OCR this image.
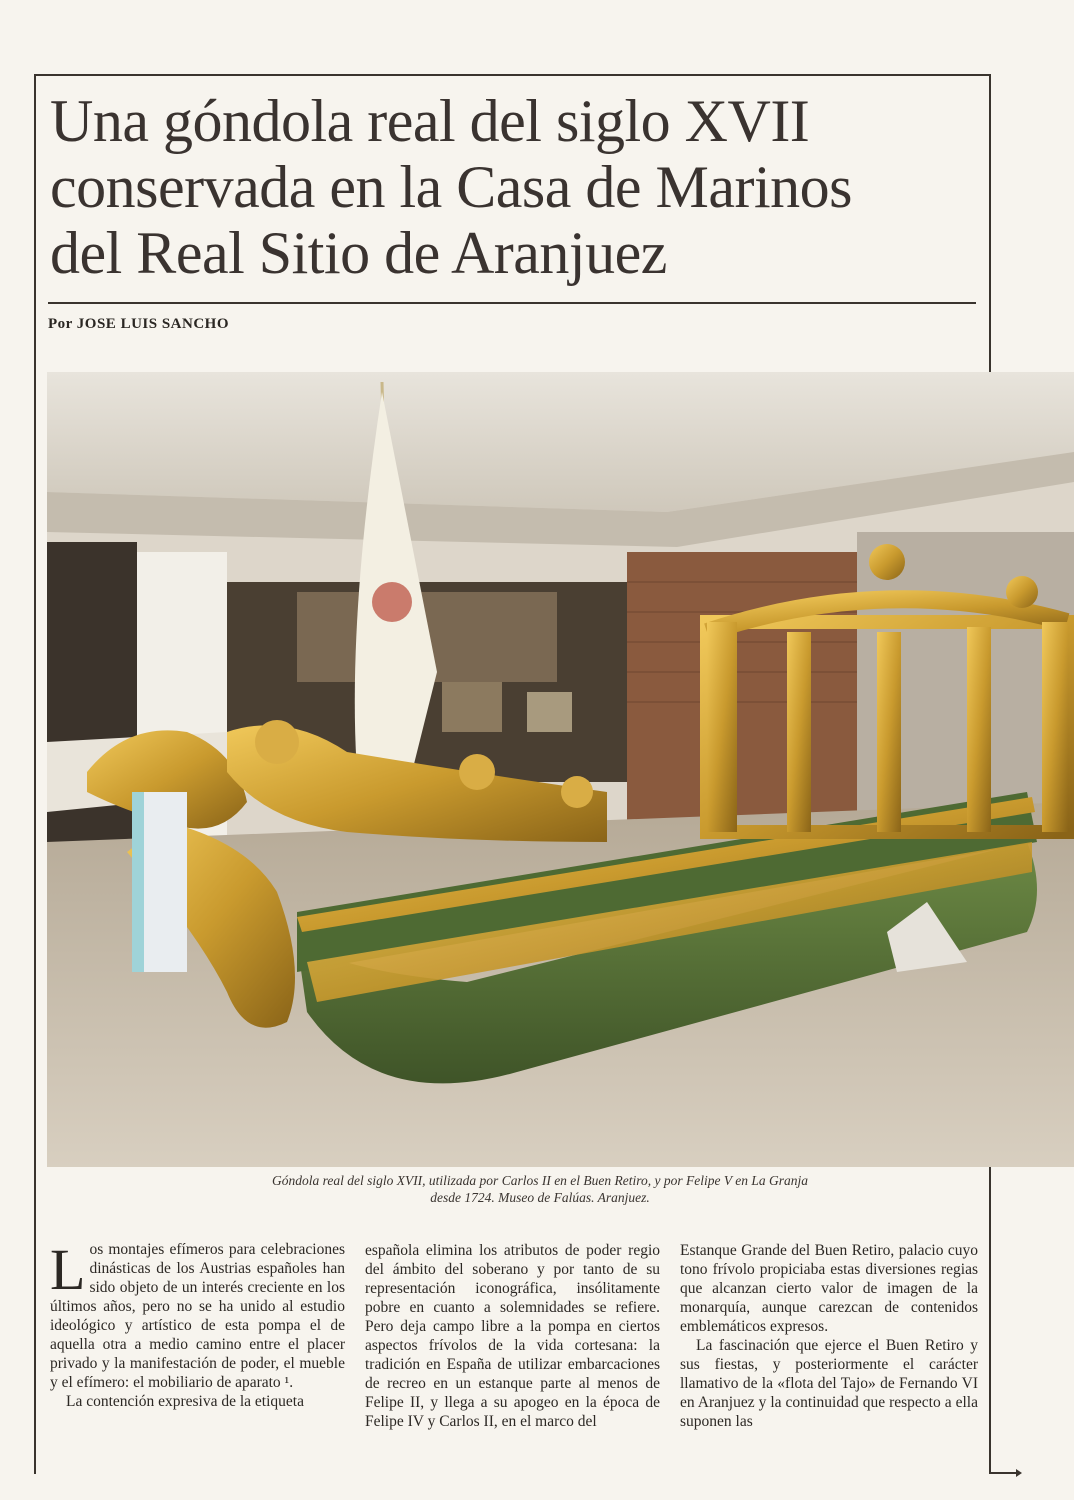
Una góndola real del siglo XVII
conservada en la Casa de Marinos
del Real Sitio de Aranjuez
Por JOSE LUIS SANCHO
Góndola real del siglo XVII, utilizada por Carlos II en el Buen Retiro, y por Felipe V en La Granja
desde 1724. Museo de Falúas. Aranjuez.

Los montajes efímeros para celebraciones dinásticas de los Austrias españoles han sido objeto de un interés creciente en los últimos años, pero no se ha unido al estudio ideológico y artístico de esta pompa el de aquella otra a medio camino entre el placer privado y la manifestación de poder, el mueble y el efímero: el mobiliario de aparato ¹.

La contención expresiva de la etiqueta

española elimina los atributos de poder regio del ámbito del soberano y por tanto de su representación iconográfica, insólitamente pobre en cuanto a solemnidades se refiere. Pero deja campo libre a la pompa en ciertos aspectos frívolos de la vida cortesana: la tradición en España de utilizar embarcaciones de recreo en un estanque parte al menos de Felipe II, y llega a su apogeo en la época de Felipe IV y Carlos II, en el marco del

Estanque Grande del Buen Retiro, palacio cuyo tono frívolo propiciaba estas diversiones regias que alcanzan cierto valor de imagen de la monarquía, aunque carezcan de contenidos emblemáticos expresos.

La fascinación que ejerce el Buen Retiro y sus fiestas, y posteriormente el carácter llamativo de la «flota del Tajo» de Fernando VI en Aranjuez y la continuidad que respecto a ella suponen las
